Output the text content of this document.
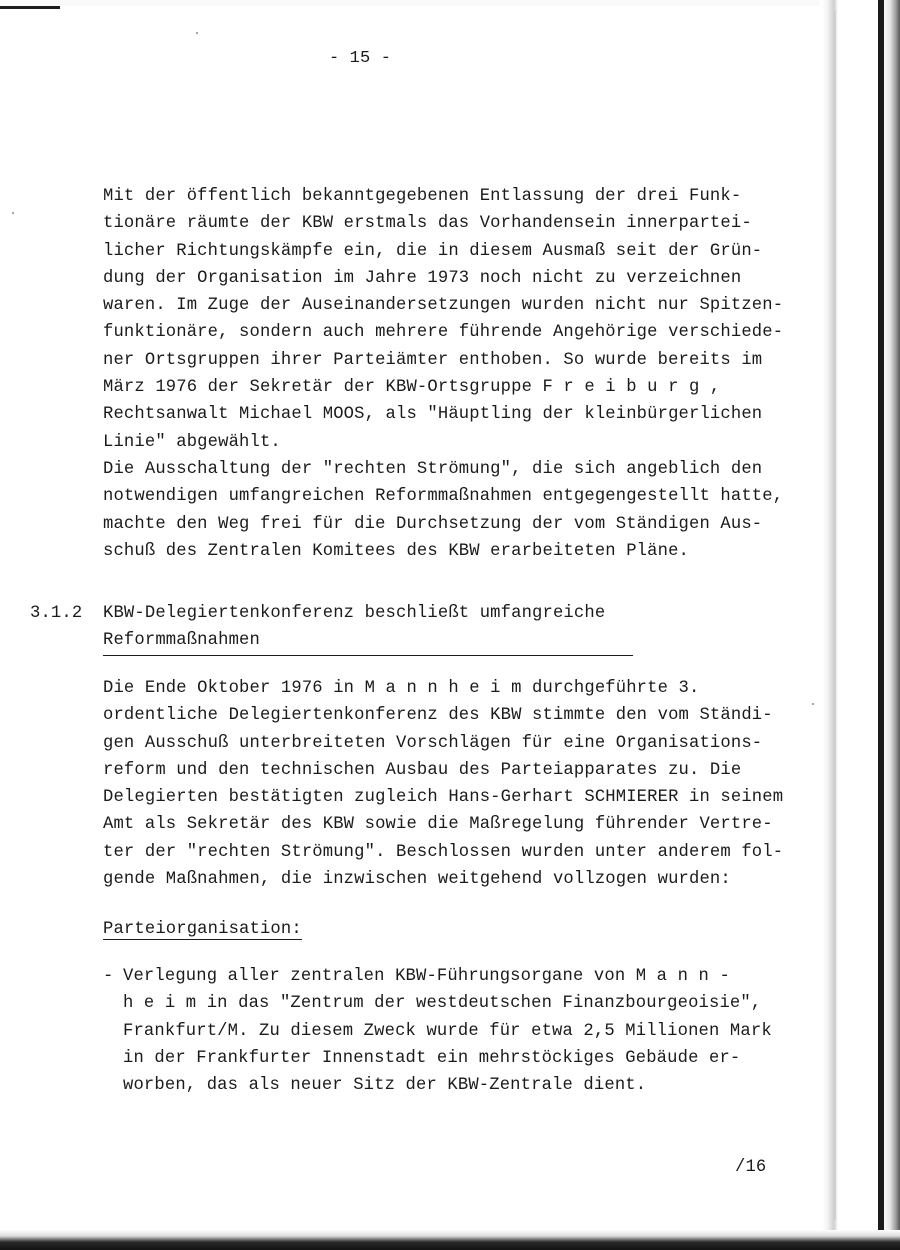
- 15 -
Mit der öffentlich bekanntgegebenen Entlassung der drei Funk-
tionäre räumte der KBW erstmals das Vorhandensein innerpartei-
licher Richtungskämpfe ein, die in diesem Ausmaß seit der Grün-
dung der Organisation im Jahre 1973 noch nicht zu verzeichnen
waren. Im Zuge der Auseinandersetzungen wurden nicht nur Spitzen-
funktionäre, sondern auch mehrere führende Angehörige verschiede-
ner Ortsgruppen ihrer Parteiämter enthoben. So wurde bereits im
März 1976 der Sekretär der KBW-Ortsgruppe F r e i b u r g ,
Rechtsanwalt Michael MOOS, als "Häuptling der kleinbürgerlichen
Linie" abgewählt.
Die Ausschaltung der "rechten Strömung", die sich angeblich den
notwendigen umfangreichen Reformmaßnahmen entgegengestellt hatte,
machte den Weg frei für die Durchsetzung der vom Ständigen Aus-
schuß des Zentralen Komitees des KBW erarbeiteten Pläne.
3.1.2 KBW-Delegiertenkonferenz beschließt umfangreiche
Reformmaßnahmen
Die Ende Oktober 1976 in M a n n h e i m durchgeführte 3.
ordentliche Delegiertenkonferenz des KBW stimmte den vom Ständi-
gen Ausschuß unterbreiteten Vorschlägen für eine Organisations-
reform und den technischen Ausbau des Parteiapparates zu. Die
Delegierten bestätigten zugleich Hans-Gerhart SCHMIERER in seinem
Amt als Sekretär des KBW sowie die Maßregelung führender Vertre-
ter der "rechten Strömung". Beschlossen wurden unter anderem fol-
gende Maßnahmen, die inzwischen weitgehend vollzogen wurden:
Parteiorganisation:
- Verlegung aller zentralen KBW-Führungsorgane von M a n n -
h e i m in das "Zentrum der westdeutschen Finanzbourgeoisie",
Frankfurt/M. Zu diesem Zweck wurde für etwa 2,5 Millionen Mark
in der Frankfurter Innenstadt ein mehrstöckiges Gebäude er-
worben, das als neuer Sitz der KBW-Zentrale dient.
/16
